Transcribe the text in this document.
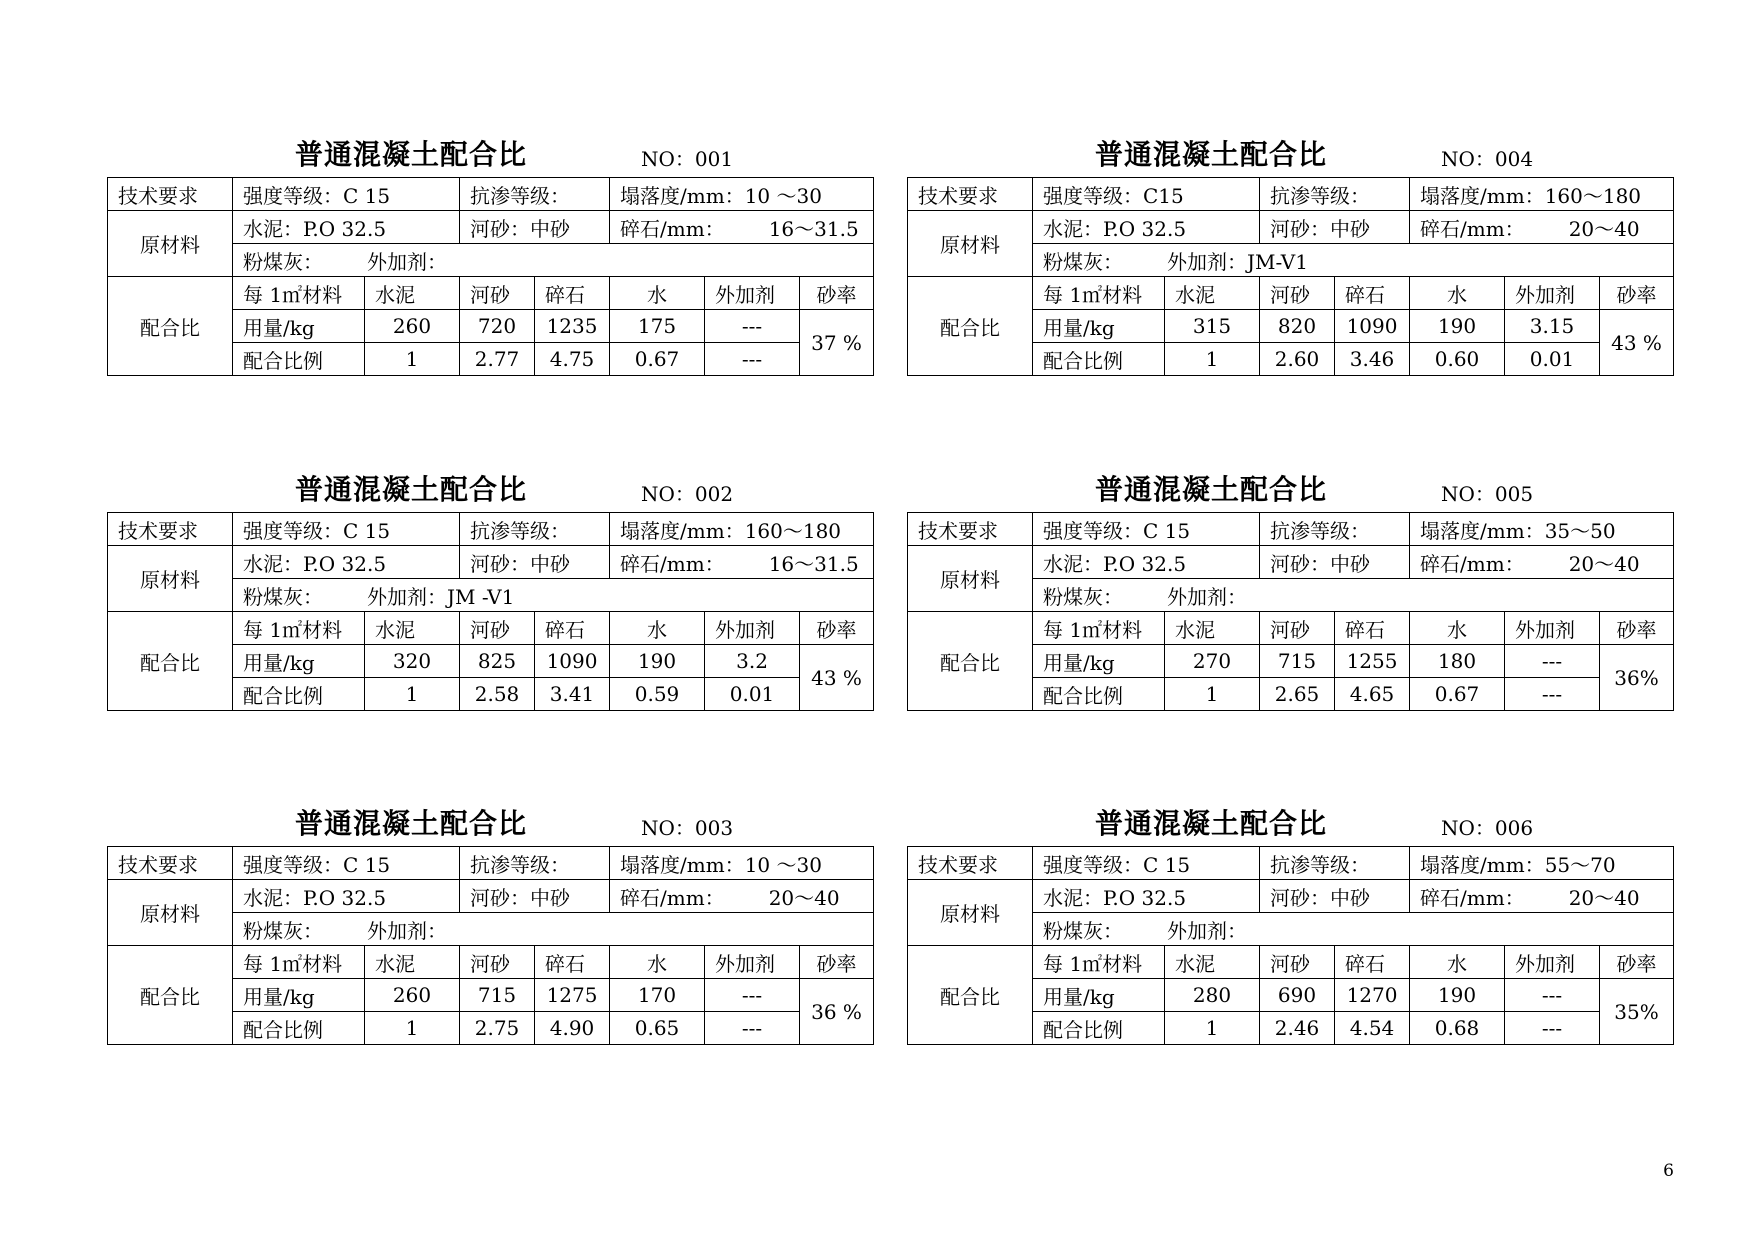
普通混凝土配合比	NO：001
技术要求	强度等级：C 15		抗渗等级：		塌落度/mm：10 ～30		
原材料	水泥：P.O 32.5		河砂：中砂		碎石/mm： 16～31.5		
	粉煤灰： 外加剂：						
配合比	每 1㎡材料	水泥	河砂	碎石	水	外加剂	砂率
	用量/kg	260	720	1235	175	---	37 %
	配合比例	1	2.77	4.75	0.67	---	
普通混凝土配合比	NO：004
技术要求	强度等级：C15		抗渗等级：		塌落度/mm：160～180		
原材料	水泥：P.O 32.5		河砂：中砂		碎石/mm： 20～40		
	粉煤灰： 外加剂：JM-V1						
配合比	每 1㎡材料	水泥	河砂	碎石	水	外加剂	砂率
	用量/kg	315	820	1090	190	3.15	43 %
	配合比例	1	2.60	3.46	0.60	0.01	
普通混凝土配合比	NO：002
技术要求	强度等级：C 15		抗渗等级：		塌落度/mm：160～180		
原材料	水泥：P.O 32.5		河砂：中砂		碎石/mm： 16～31.5		
	粉煤灰： 外加剂：JM -V1						
配合比	每 1㎡材料	水泥	河砂	碎石	水	外加剂	砂率
	用量/kg	320	825	1090	190	3.2	43 %
	配合比例	1	2.58	3.41	0.59	0.01	
普通混凝土配合比	NO：005
技术要求	强度等级：C 15		抗渗等级：		塌落度/mm：35～50		
原材料	水泥：P.O 32.5		河砂：中砂		碎石/mm： 20～40		
	粉煤灰： 外加剂：						
配合比	每 1㎡材料	水泥	河砂	碎石	水	外加剂	砂率
	用量/kg	270	715	1255	180	---	36%
	配合比例	1	2.65	4.65	0.67	---	
普通混凝土配合比	NO：003
技术要求	强度等级：C 15		抗渗等级：		塌落度/mm：10 ～30		
原材料	水泥：P.O 32.5		河砂：中砂		碎石/mm： 20～40		
	粉煤灰： 外加剂：						
配合比	每 1㎡材料	水泥	河砂	碎石	水	外加剂	砂率
	用量/kg	260	715	1275	170	---	36 %
	配合比例	1	2.75	4.90	0.65	---	
普通混凝土配合比	NO：006
技术要求	强度等级：C 15		抗渗等级：		塌落度/mm：55～70		
原材料	水泥：P.O 32.5		河砂：中砂		碎石/mm： 20～40		
	粉煤灰： 外加剂：						
配合比	每 1㎡材料	水泥	河砂	碎石	水	外加剂	砂率
	用量/kg	280	690	1270	190	---	35%
	配合比例	1	2.46	4.54	0.68	---	
6
